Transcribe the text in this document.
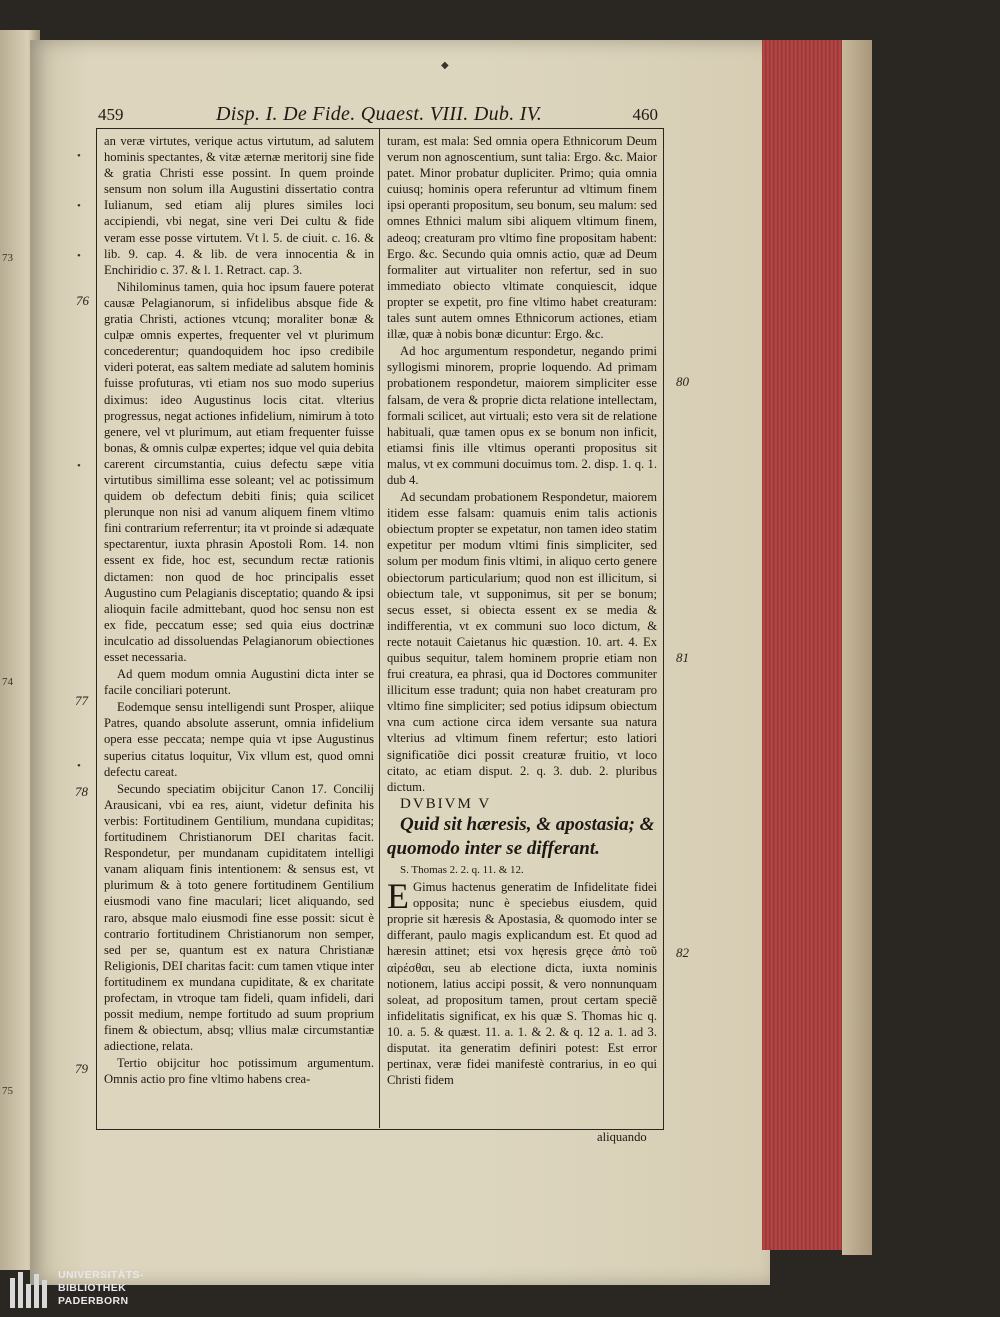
73
74
75
◆
459	Disp. I. De Fide. Quaest. VIII. Dub. IV.	460
•
•
•
•
•
76
77
78
79
80
81
82

an veræ virtutes, verique actus virtutum, ad salutem hominis spectantes, & vitæ æternæ meritorij sine fide & gratia Christi esse possint. In quem proinde sensum non solum illa Augustini dissertatio contra Iulianum, sed etiam alij plures similes loci accipiendi, vbi negat, sine veri Dei cultu & fide veram esse posse virtutem. Vt l. 5. de ciuit. c. 16. & lib. 9. cap. 4. & lib. de vera innocentia & in Enchiridio c. 37. & l. 1. Retract. cap. 3.

Nihilominus tamen, quia hoc ipsum fauere poterat causæ Pelagianorum, si infidelibus absque fide & gratia Christi, actiones vtcunq; moraliter bonæ & culpæ omnis expertes, frequenter vel vt plurimum concederentur; quandoquidem hoc ipso credibile videri poterat, eas saltem mediate ad salutem hominis fuisse profuturas, vti etiam nos suo modo superius diximus: ideo Augustinus locis citat. vlterius progressus, negat actiones infidelium, nimirum à toto genere, vel vt plurimum, aut etiam frequenter fuisse bonas, & omnis culpæ expertes; idque vel quia debita carerent circumstantia, cuius defectu sæpe vitia virtutibus simillima esse soleant; vel ac potissimum quidem ob defectum debiti finis; quia scilicet plerunque non nisi ad vanum aliquem finem vltimo fini contrarium referrentur; ita vt proinde si adæquate spectarentur, iuxta phrasin Apostoli Rom. 14. non essent ex fide, hoc est, secundum rectæ rationis dictamen: non quod de hoc principalis esset Augustino cum Pelagianis disceptatio; quando & ipsi alioquin facile admittebant, quod hoc sensu non est ex fide, peccatum esse; sed quia eius doctrinæ inculcatio ad dissoluendas Pelagianorum obiectiones esset necessaria.

Ad quem modum omnia Augustini dicta inter se facile conciliari poterunt.

Eodemque sensu intelligendi sunt Prosper, aliique Patres, quando absolute asserunt, omnia infidelium opera esse peccata; nempe quia vt ipse Augustinus superius citatus loquitur, Vix vllum est, quod omni defectu careat.

Secundo speciatim obijcitur Canon 17. Concilij Arausicani, vbi ea res, aiunt, videtur definita his verbis: Fortitudinem Gentilium, mundana cupiditas; fortitudinem Christianorum DEI charitas facit. Respondetur, per mundanam cupiditatem intelligi vanam aliquam finis intentionem: & sensus est, vt plurimum & à toto genere fortitudinem Gentilium eiusmodi vano fine maculari; licet aliquando, sed raro, absque malo eiusmodi fine esse possit: sicut è contrario fortitudinem Christianorum non semper, sed per se, quantum est ex natura Christianæ Religionis, DEI charitas facit: cum tamen vtique inter fortitudinem ex mundana cupiditate, & ex charitate profectam, in vtroque tam fideli, quam infideli, dari possit medium, nempe fortitudo ad suum proprium finem & obiectum, absq; vllius malæ circumstantiæ adiectione, relata.

Tertio obijcitur hoc potissimum argumentum. Omnis actio pro fine vltimo habens crea-

turam, est mala: Sed omnia opera Ethnicorum Deum verum non agnoscentium, sunt talia: Ergo. &c. Maior patet. Minor probatur dupliciter. Primo; quia omnia cuiusq; hominis opera referuntur ad vltimum finem ipsi operanti propositum, seu bonum, seu malum: sed omnes Ethnici malum sibi aliquem vltimum finem, adeoq; creaturam pro vltimo fine propositam habent: Ergo. &c. Secundo quia omnis actio, quæ ad Deum formaliter aut virtualiter non refertur, sed in suo immediato obiecto vltimate conquiescit, idque propter se expetit, pro fine vltimo habet creaturam: tales sunt autem omnes Ethnicorum actiones, etiam illæ, quæ à nobis bonæ dicuntur: Ergo. &c.

Ad hoc argumentum respondetur, negando primi syllogismi minorem, proprie loquendo. Ad primam probationem respondetur, maiorem simpliciter esse falsam, de vera & proprie dicta relatione intellectam, formali scilicet, aut virtuali; esto vera sit de relatione habituali, quæ tamen opus ex se bonum non inficit, etiamsi finis ille vltimus operanti propositus sit malus, vt ex communi docuimus tom. 2. disp. 1. q. 1. dub 4.

Ad secundam probationem Respondetur, maiorem itidem esse falsam: quamuis enim talis actionis obiectum propter se expetatur, non tamen ideo statim expetitur per modum vltimi finis simpliciter, sed solum per modum finis vltimi, in aliquo certo genere obiectorum particularium; quod non est illicitum, si obiectum tale, vt supponimus, sit per se bonum; secus esset, si obiecta essent ex se media & indifferentia, vt ex communi suo loco dictum, & recte notauit Caietanus hic quæstion. 10. art. 4. Ex quibus sequitur, talem hominem proprie etiam non frui creatura, ea phrasi, qua id Doctores communiter illicitum esse tradunt; quia non habet creaturam pro vltimo fine simpliciter; sed potius idipsum obiectum vna cum actione circa idem versante sua natura vlterius ad vltimum finem refertur; esto latiori significatiõe dici possit creaturæ fruitio, vt loco citato, ac etiam disput. 2. q. 3. dub. 2. pluribus dictum.

DVBIVM V

Quid sit hæresis, & apostasia; &
quomodo inter se differant.

S. Thomas 2. 2. q. 11. & 12.

E Gimus hactenus generatim de Infidelitate fidei opposita; nunc è speciebus eiusdem, quid proprie sit hæresis & Apostasia, & quomodo inter se differant, paulo magis explicandum est. Et quod ad hæresin attinet; etsi vox hęresis gręce ἀπὸ τοῦ αἱρέσθαι, seu ab electione dicta, iuxta nominis notionem, latius accipi possit, & vero nonnunquam soleat, ad propositum tamen, prout certam speciẽ infidelitatis significat, ex his quæ S. Thomas hic q. 10. a. 5. & quæst. 11. a. 1. & 2. & q. 12 a. 1. ad 3. disputat. ita generatim definiri potest: Est error pertinax, veræ fidei manifestè contrarius, in eo qui Christi fidem

aliquando
UNIVERSITÄTS-
BIBLIOTHEK
PADERBORN
